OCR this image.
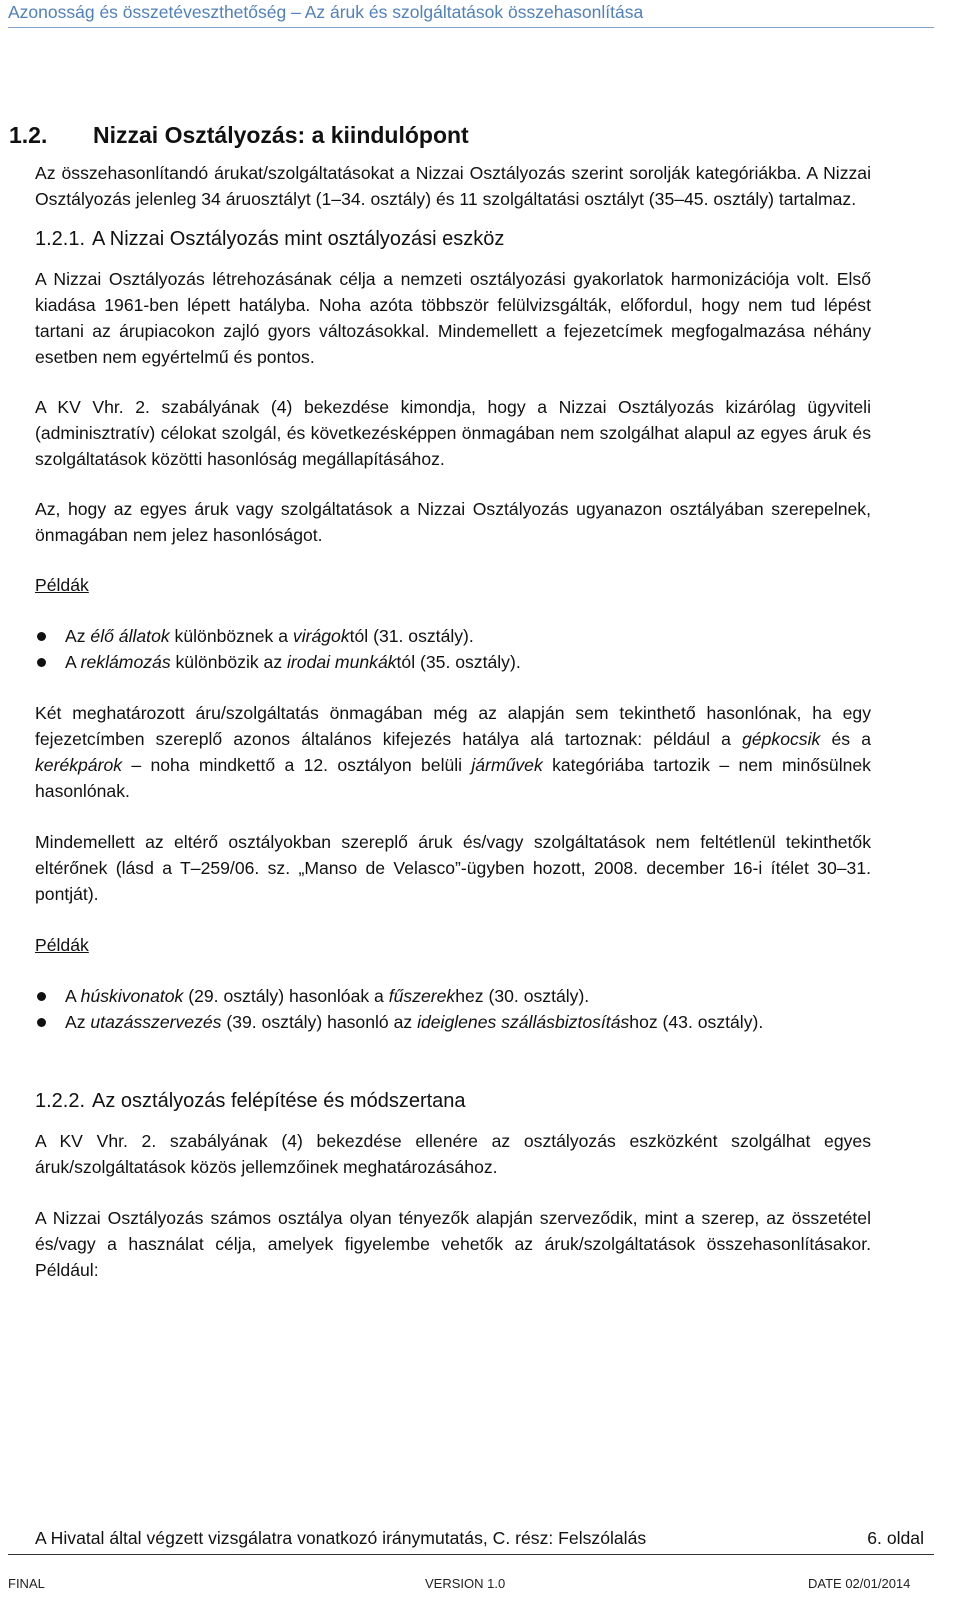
Azonosság és összetéveszthetőség – Az áruk és szolgáltatások összehasonlítása
1.2. Nizzai Osztályozás: a kiindulópont

Az összehasonlítandó árukat/szolgáltatásokat a Nizzai Osztályozás szerint sorolják kategóriákba. A Nizzai Osztályozás jelenleg 34 áruosztályt (1–34. osztály) és 11 szolgáltatási osztályt (35–45. osztály) tartalmaz.

1.2.1. A Nizzai Osztályozás mint osztályozási eszköz

A Nizzai Osztályozás létrehozásának célja a nemzeti osztályozási gyakorlatok harmonizációja volt. Első kiadása 1961-ben lépett hatályba. Noha azóta többször felülvizsgálták, előfordul, hogy nem tud lépést tartani az árupiacokon zajló gyors változásokkal. Mindemellett a fejezetcímek megfogalmazása néhány esetben nem egyértelmű és pontos.

A KV Vhr. 2. szabályának (4) bekezdése kimondja, hogy a Nizzai Osztályozás kizárólag ügyviteli (adminisztratív) célokat szolgál, és következésképpen önmagában nem szolgálhat alapul az egyes áruk és szolgáltatások közötti hasonlóság megállapításához.

Az, hogy az egyes áruk vagy szolgáltatások a Nizzai Osztályozás ugyanazon osztályában szerepelnek, önmagában nem jelez hasonlóságot.

Példák

Az élő állatok különböznek a virágoktól (31. osztály).
A reklámozás különbözik az irodai munkáktól (35. osztály).

Két meghatározott áru/szolgáltatás önmagában még az alapján sem tekinthető hasonlónak, ha egy fejezetcímben szereplő azonos általános kifejezés hatálya alá tartoznak: például a gépkocsik és a kerékpárok – noha mindkettő a 12. osztályon belüli járművek kategóriába tartozik – nem minősülnek hasonlónak.

Mindemellett az eltérő osztályokban szereplő áruk és/vagy szolgáltatások nem feltétlenül tekinthetők eltérőnek (lásd a T–259/06. sz. „Manso de Velasco”-ügyben hozott, 2008. december 16-i ítélet 30–31. pontját).

Példák

A húskivonatok (29. osztály) hasonlóak a fűszerekhez (30. osztály).
Az utazásszervezés (39. osztály) hasonló az ideiglenes szállásbiztosításhoz (43. osztály).
1.2.2. Az osztályozás felépítése és módszertana

A KV Vhr. 2. szabályának (4) bekezdése ellenére az osztályozás eszközként szolgálhat egyes áruk/szolgáltatások közös jellemzőinek meghatározásához.

A Nizzai Osztályozás számos osztálya olyan tényezők alapján szerveződik, mint a szerep, az összetétel és/vagy a használat célja, amelyek figyelembe vehetők az áruk/szolgáltatások összehasonlításakor. Például:

A Hivatal által végzett vizsgálatra vonatkozó iránymutatás, C. rész: Felszólalás	6. oldal
FINAL	VERSION 1.0	DATE 02/01/2014
